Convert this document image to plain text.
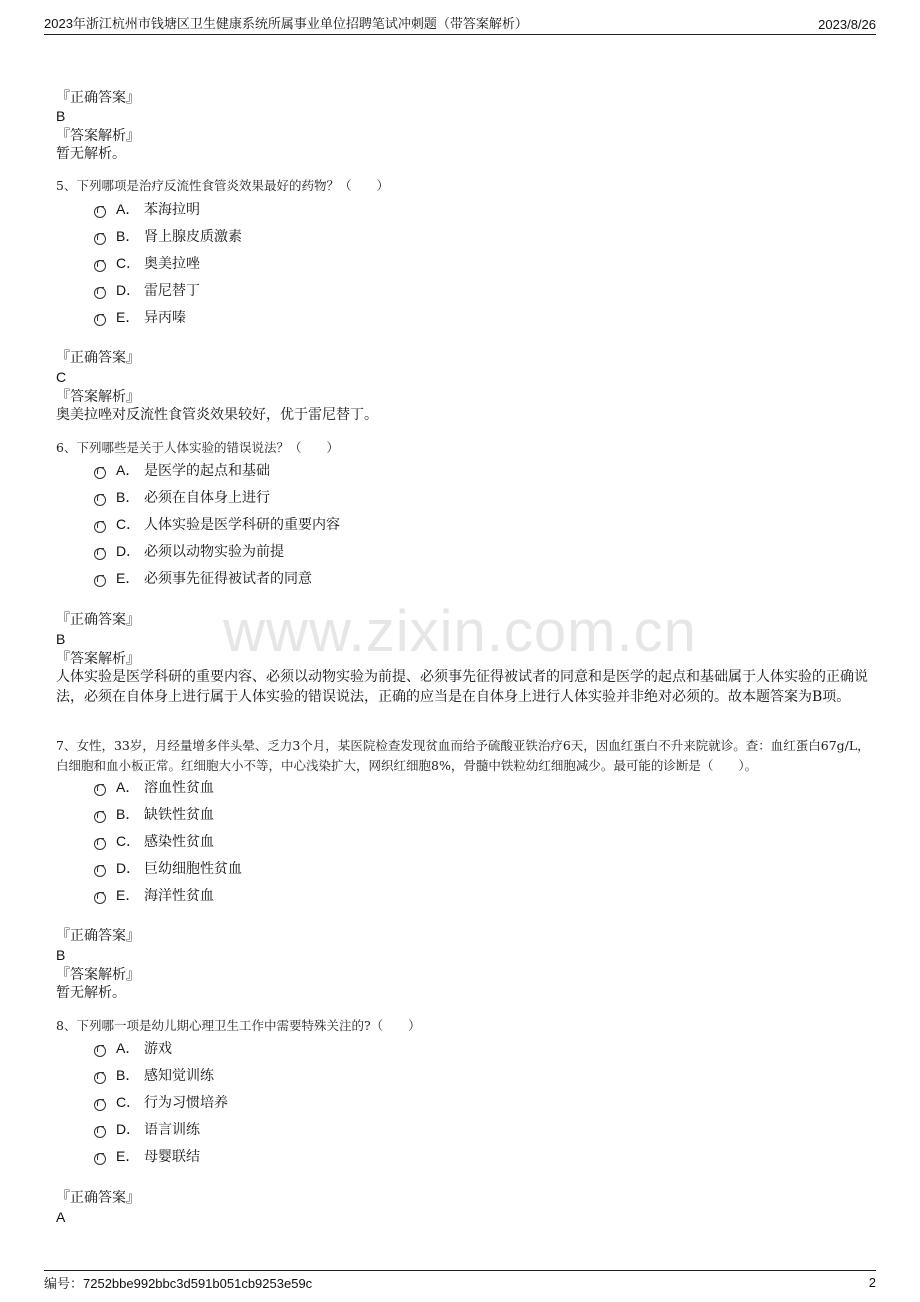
2023年浙江杭州市钱塘区卫生健康系统所属事业单位招聘笔试冲刺题（带答案解析）	2023/8/26
www.zixin.com.cn
『正确答案』
B
『答案解析』
暂无解析。
5、下列哪项是治疗反流性食管炎效果最好的药物？（　　）
A． 苯海拉明
B． 肾上腺皮质激素
C． 奥美拉唑
D． 雷尼替丁
E． 异丙嗪
『正确答案』
C
『答案解析』
奥美拉唑对反流性食管炎效果较好，优于雷尼替丁。
6、下列哪些是关于人体实验的错误说法？（　　）
A． 是医学的起点和基础
B． 必须在自体身上进行
C． 人体实验是医学科研的重要内容
D． 必须以动物实验为前提
E． 必须事先征得被试者的同意
『正确答案』
B
『答案解析』
人体实验是医学科研的重要内容、必须以动物实验为前提、必须事先征得被试者的同意和是医学的起点和基础属于人体实验的正确说法，必须在自体身上进行属于人体实验的错误说法，正确的应当是在自体身上进行人体实验并非绝对必须的。故本题答案为B项。
7、女性，33岁，月经量增多伴头晕、乏力3个月，某医院检查发现贫血而给予硫酸亚铁治疗6天，因血红蛋白不升来院就诊。查：血红蛋白67g/L，白细胞和血小板正常。红细胞大小不等，中心浅染扩大，网织红细胞8%，骨髓中铁粒幼红细胞减少。最可能的诊断是（　　）。
A． 溶血性贫血
B． 缺铁性贫血
C． 感染性贫血
D． 巨幼细胞性贫血
E． 海洋性贫血
『正确答案』
B
『答案解析』
暂无解析。
8、下列哪一项是幼儿期心理卫生工作中需要特殊关注的?（　　）
A． 游戏
B． 感知觉训练
C． 行为习惯培养
D． 语言训练
E． 母婴联结
『正确答案』
A
编号：7252bbe992bbc3d591b051cb9253e59c	2
